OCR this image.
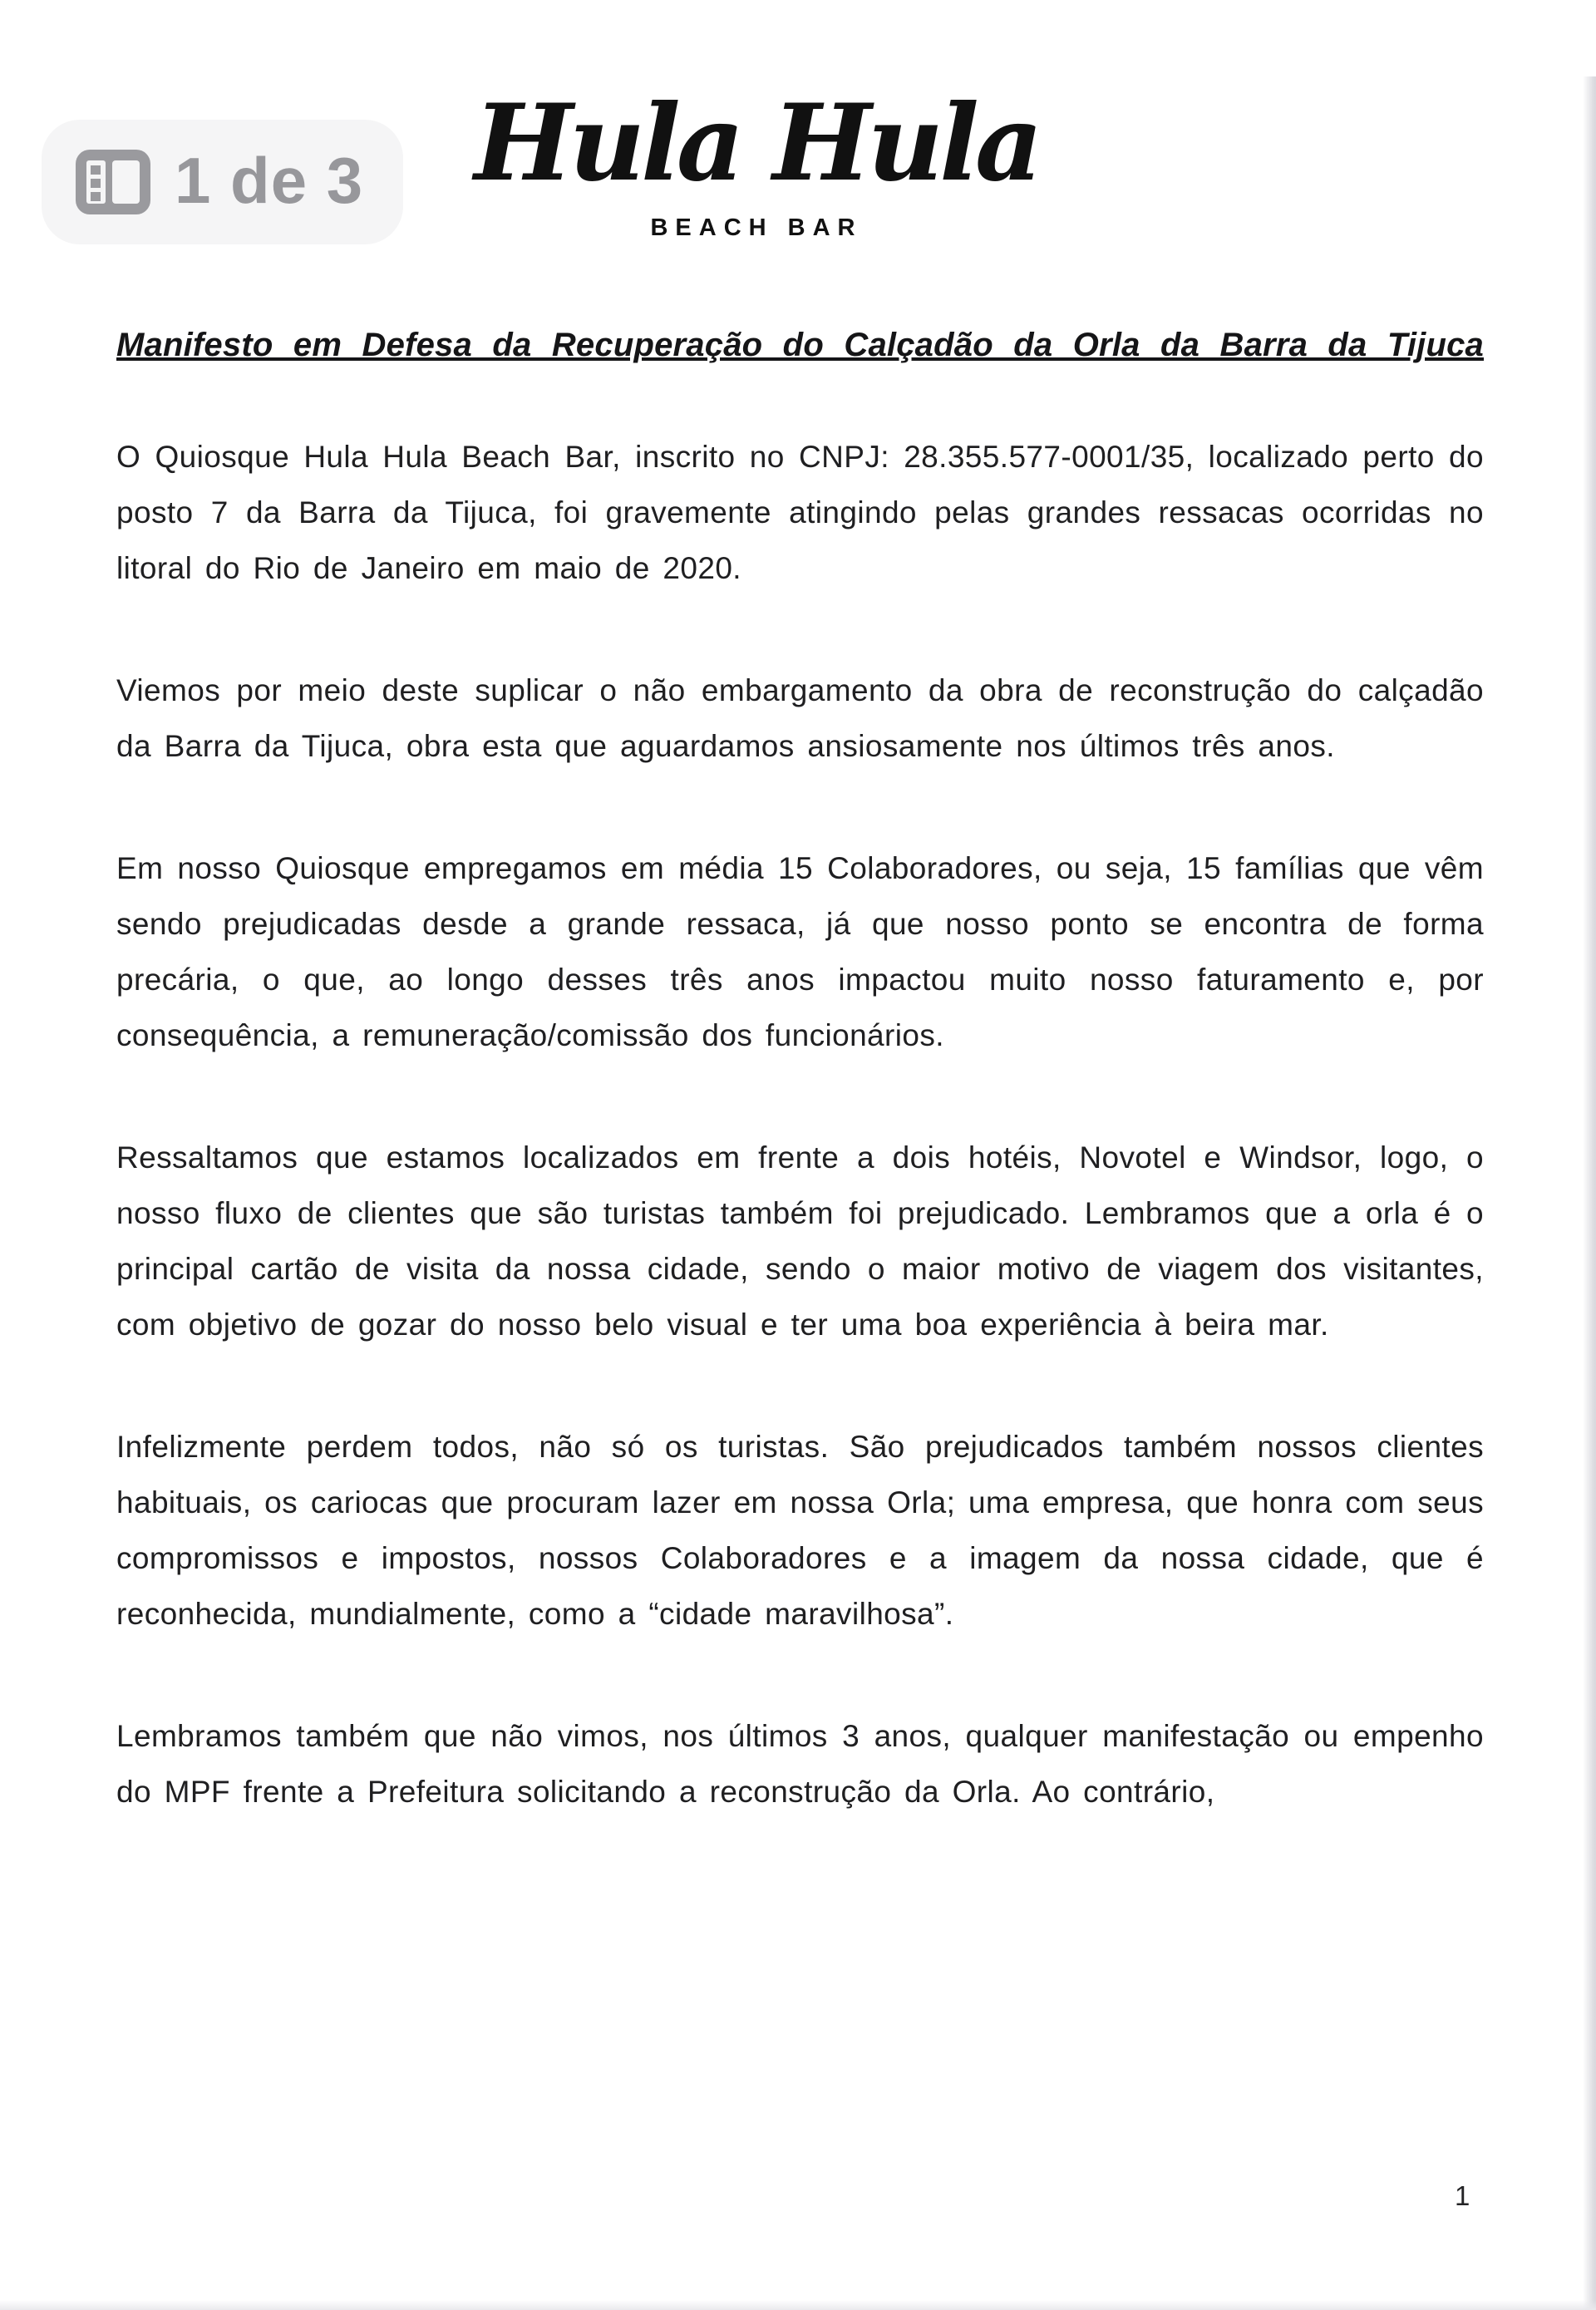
1 de 3 Hula Hula
BEACH BAR
Manifesto em Defesa da Recuperação do Calçadão da Orla da Barra da Tijuca

O Quiosque Hula Hula Beach Bar, inscrito no CNPJ: 28.355.577-0001/35, localizado perto do posto 7 da Barra da Tijuca, foi gravemente atingindo pelas grandes ressacas ocorridas no litoral do Rio de Janeiro em maio de 2020.

Viemos por meio deste suplicar o não embargamento da obra de reconstrução do calçadão da Barra da Tijuca, obra esta que aguardamos ansiosamente nos últimos três anos.

Em nosso Quiosque empregamos em média 15 Colaboradores, ou seja, 15 famílias que vêm sendo prejudicadas desde a grande ressaca, já que nosso ponto se encontra de forma precária, o que, ao longo desses três anos impactou muito nosso faturamento e, por consequência, a remuneração/comissão dos funcionários.

Ressaltamos que estamos localizados em frente a dois hotéis, Novotel e Windsor, logo, o nosso fluxo de clientes que são turistas também foi prejudicado. Lembramos que a orla é o principal cartão de visita da nossa cidade, sendo o maior motivo de viagem dos visitantes, com objetivo de gozar do nosso belo visual e ter uma boa experiência à beira mar.

Infelizmente perdem todos, não só os turistas. São prejudicados também nossos clientes habituais, os cariocas que procuram lazer em nossa Orla; uma empresa, que honra com seus compromissos e impostos, nossos Colaboradores e a imagem da nossa cidade, que é reconhecida, mundialmente, como a “cidade maravilhosa”.

Lembramos também que não vimos, nos últimos 3 anos, qualquer manifestação ou empenho do MPF frente a Prefeitura solicitando a reconstrução da Orla. Ao contrário,

1
